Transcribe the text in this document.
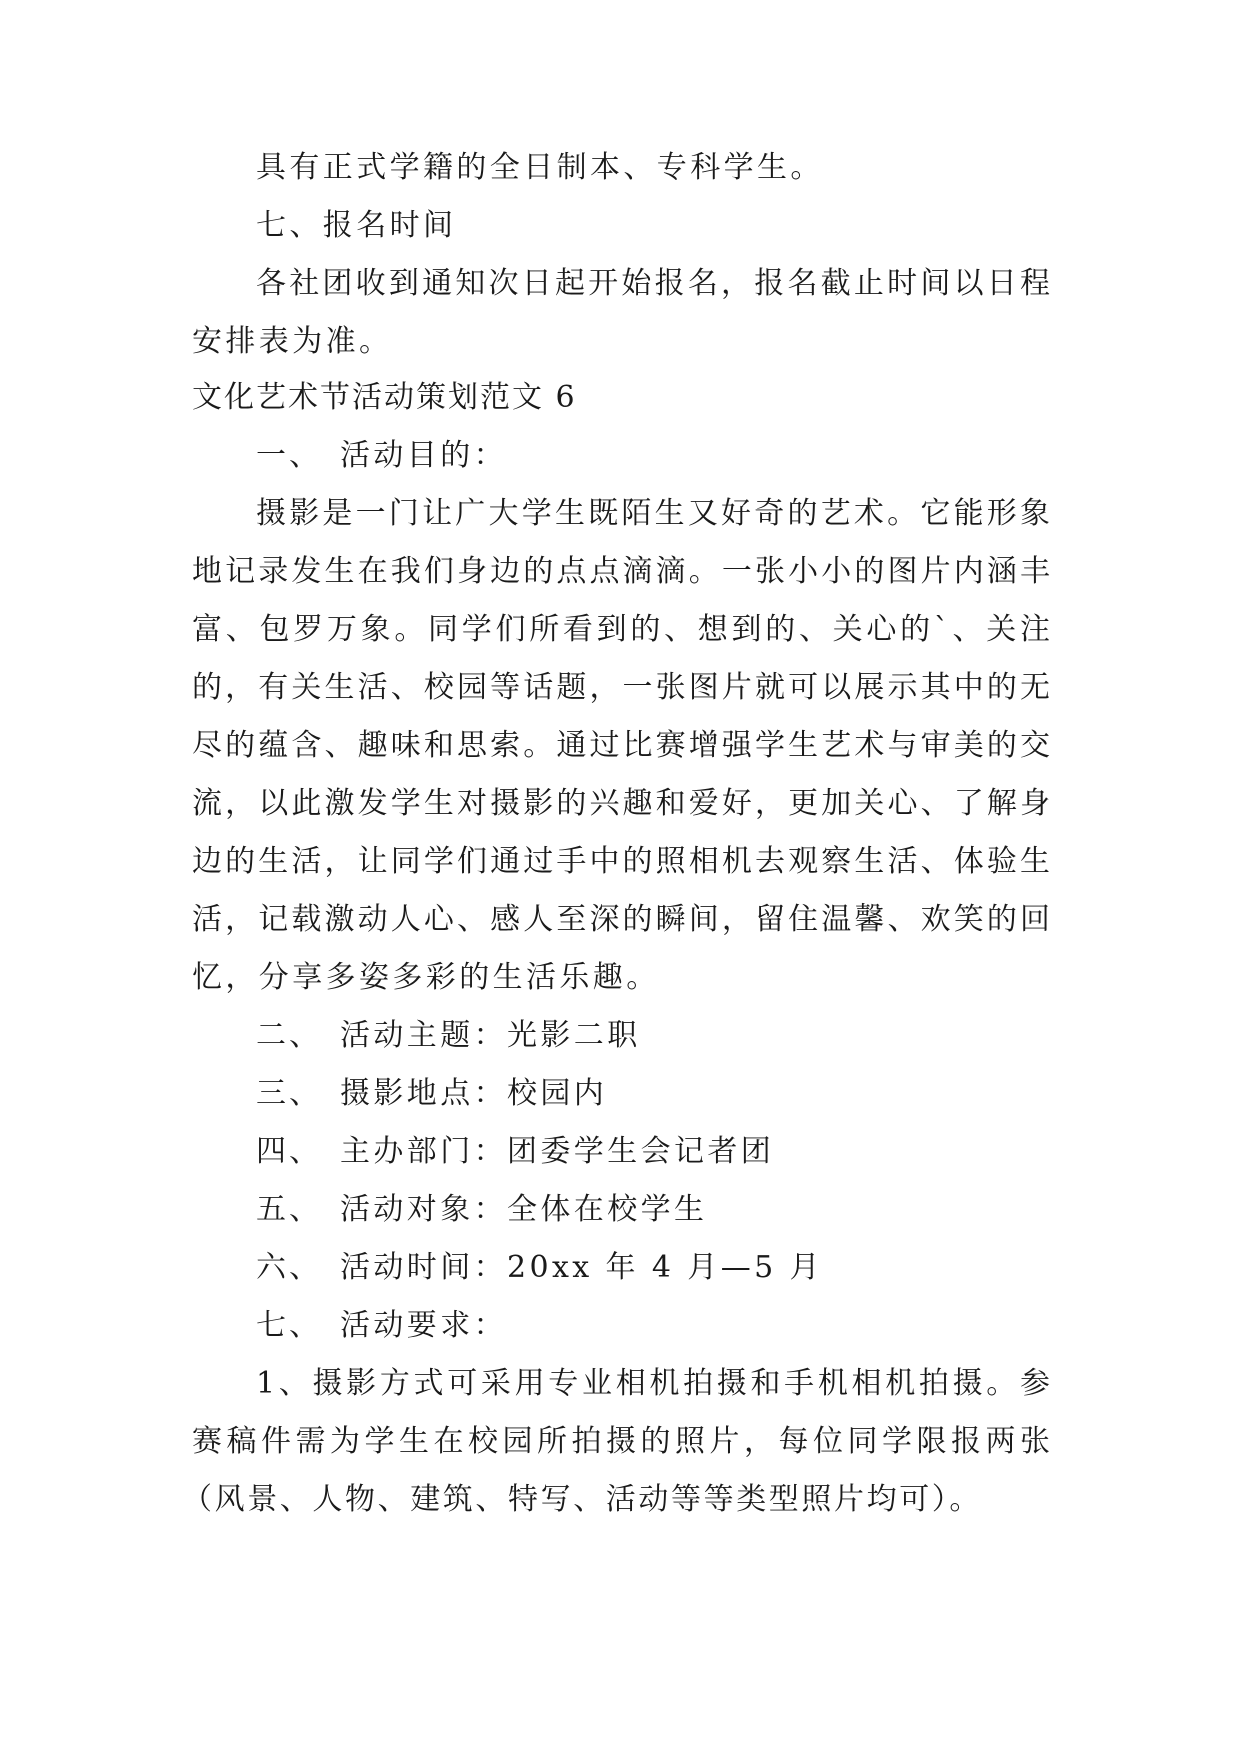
具有正式学籍的全日制本、专科学生。
七、报名时间
各社团收到通知次日起开始报名，报名截止时间以日程
安排表为准。
文化艺术节活动策划范文 6
一、 活动目的：
摄影是一门让广大学生既陌生又好奇的艺术。它能形象
地记录发生在我们身边的点点滴滴。一张小小的图片内涵丰
富、包罗万象。同学们所看到的、想到的、关心的`、关注
的，有关生活、校园等话题，一张图片就可以展示其中的无
尽的蕴含、趣味和思索。通过比赛增强学生艺术与审美的交
流，以此激发学生对摄影的兴趣和爱好，更加关心、了解身
边的生活，让同学们通过手中的照相机去观察生活、体验生
活，记载激动人心、感人至深的瞬间，留住温馨、欢笑的回
忆，分享多姿多彩的生活乐趣。
二、 活动主题：光影二职
三、 摄影地点：校园内
四、 主办部门：团委学生会记者团
五、 活动对象：全体在校学生
六、 活动时间：20xx 年 4 月—5 月
七、 活动要求：
1、摄影方式可采用专业相机拍摄和手机相机拍摄。参
赛稿件需为学生在校园所拍摄的照片，每位同学限报两张
（风景、人物、建筑、特写、活动等等类型照片均可）。
